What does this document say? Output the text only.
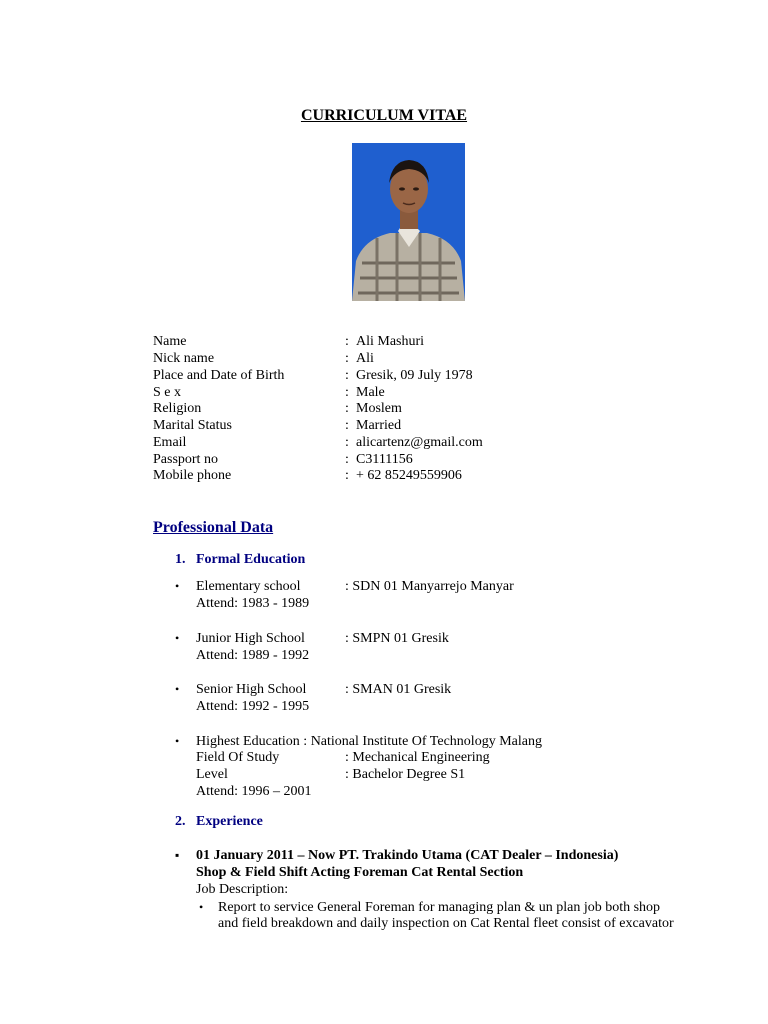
CURRICULUM VITAE
Name	: Ali Mashuri
Nick name	: Ali
Place and Date of Birth	: Gresik, 09 July 1978
S e x	: Male
Religion	: Moslem
Marital Status	: Married
Email	: alicartenz@gmail.com
Passport no	: C3111156
Mobile phone	: + 62 85249559906
Professional Data
1. Formal Education
• Elementary school	: SDN 01 Manyarrejo Manyar
Attend: 1983 - 1989
• Junior High School	: SMPN 01 Gresik
Attend: 1989 - 1992
• Senior High School	: SMAN 01 Gresik
Attend: 1992 - 1995
• Highest Education : National Institute Of Technology Malang
Field Of Study	: Mechanical Engineering
Level	: Bachelor Degree S1
Attend: 1996 – 2001
2. Experience
▪ 01 January 2011 – Now PT. Trakindo Utama (CAT Dealer – Indonesia)
Shop & Field Shift Acting Foreman Cat Rental Section
Job Description:
• Report to service General Foreman for managing plan & un plan job both shop
and field breakdown and daily inspection on Cat Rental fleet consist of excavator
